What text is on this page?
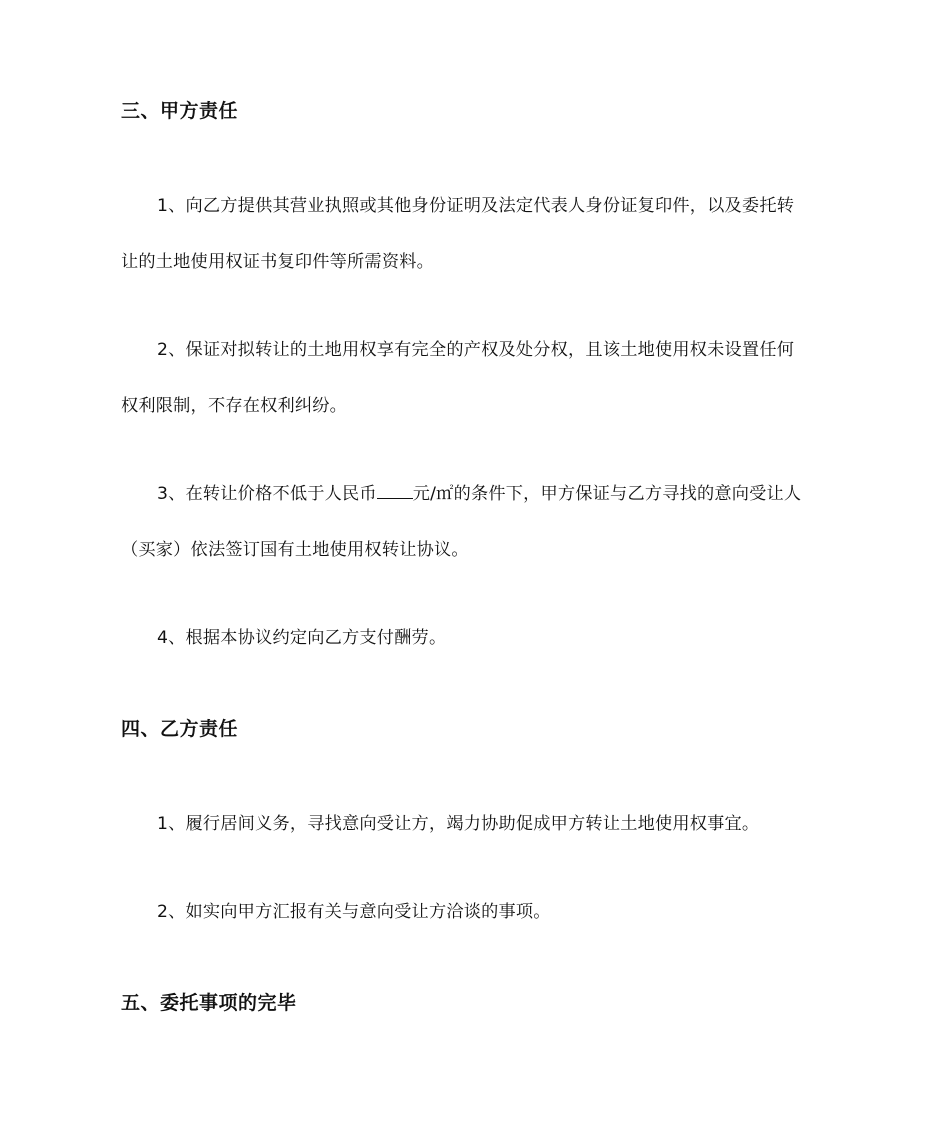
三、甲方责任
1、向乙方提供其营业执照或其他身份证明及法定代表人身份证复印件，以及委托转
让的土地使用权证书复印件等所需资料。
2、保证对拟转让的土地用权享有完全的产权及处分权，且该土地使用权未设置任何
权利限制，不存在权利纠纷。
3、在转让价格不低于人民币 元/㎡的条件下，甲方保证与乙方寻找的意向受让人
（买家）依法签订国有土地使用权转让协议。
4、根据本协议约定向乙方支付酬劳。
四、乙方责任
1、履行居间义务，寻找意向受让方，竭力协助促成甲方转让土地使用权事宜。
2、如实向甲方汇报有关与意向受让方洽谈的事项。
五、委托事项的完毕
